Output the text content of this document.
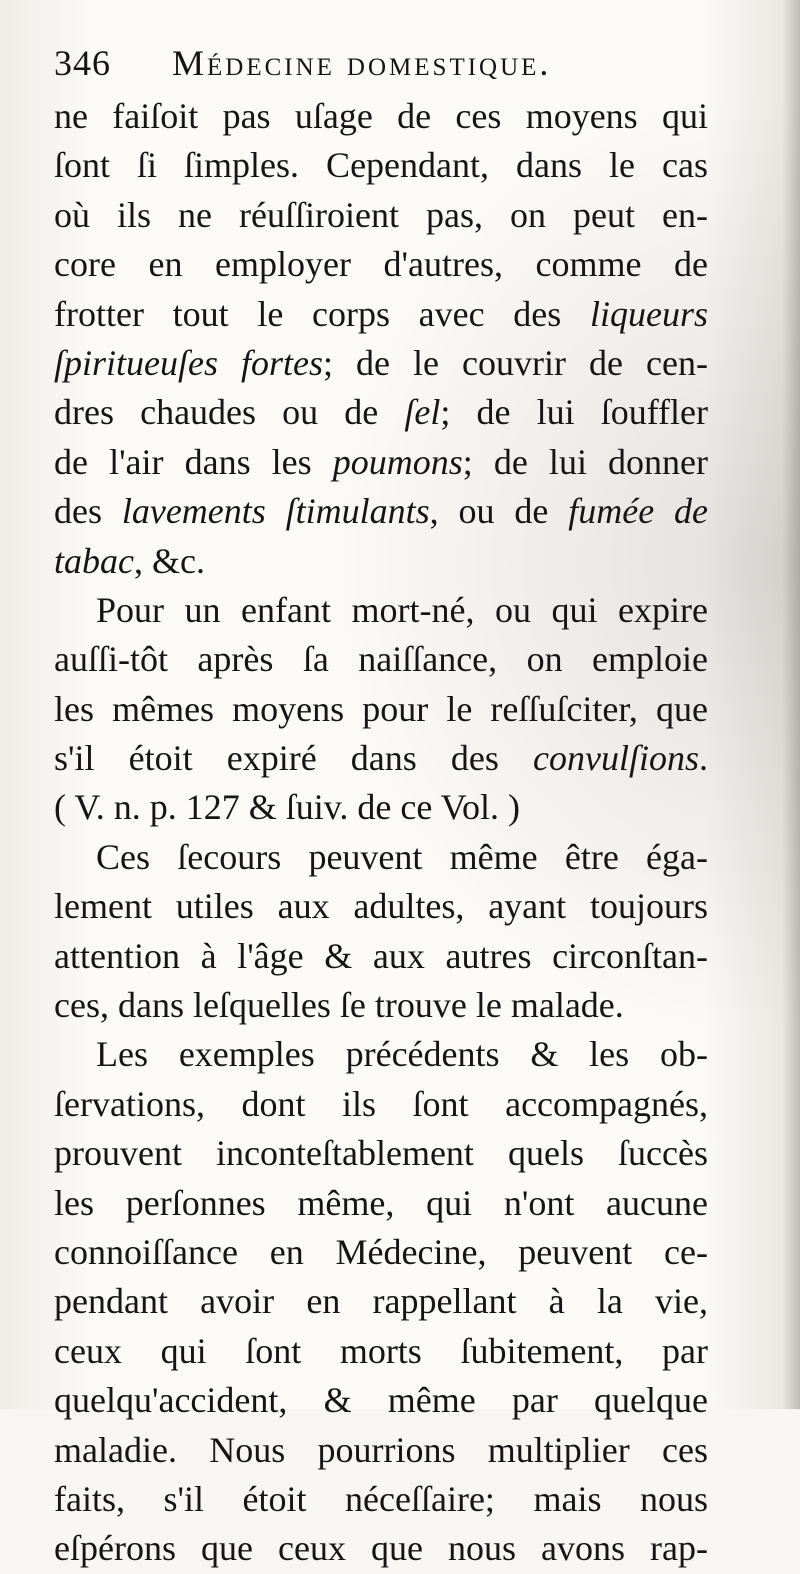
346 Médecine domestique.
ne faiſoit pas uſage de ces moyens qui
ſont ſi ſimples. Cependant, dans le cas
où ils ne réuſſiroient pas, on peut en-
core en employer d'autres, comme de
frotter tout le corps avec des liqueurs
ſpiritueuſes fortes; de le couvrir de cen-
dres chaudes ou de ſel; de lui ſouffler
de l'air dans les poumons; de lui donner
des lavements ſtimulants, ou de fumée de
tabac, &c.
Pour un enfant mort-né, ou qui expire
auſſi-tôt après ſa naiſſance, on emploie
les mêmes moyens pour le reſſuſciter, que
s'il étoit expiré dans des convulſions.
( V. n. p. 127 & ſuiv. de ce Vol. )
Ces ſecours peuvent même être éga-
lement utiles aux adultes, ayant toujours
attention à l'âge & aux autres circonſtan-
ces, dans leſquelles ſe trouve le malade.
Les exemples précédents & les ob-
ſervations, dont ils ſont accompagnés,
prouvent inconteſtablement quels ſuccès
les perſonnes même, qui n'ont aucune
connoiſſance en Médecine, peuvent ce-
pendant avoir en rappellant à la vie,
ceux qui ſont morts ſubitement, par
quelqu'accident, & même par quelque
maladie. Nous pourrions multiplier ces
faits, s'il étoit néceſſaire; mais nous
eſpérons que ceux que nous avons rap-
